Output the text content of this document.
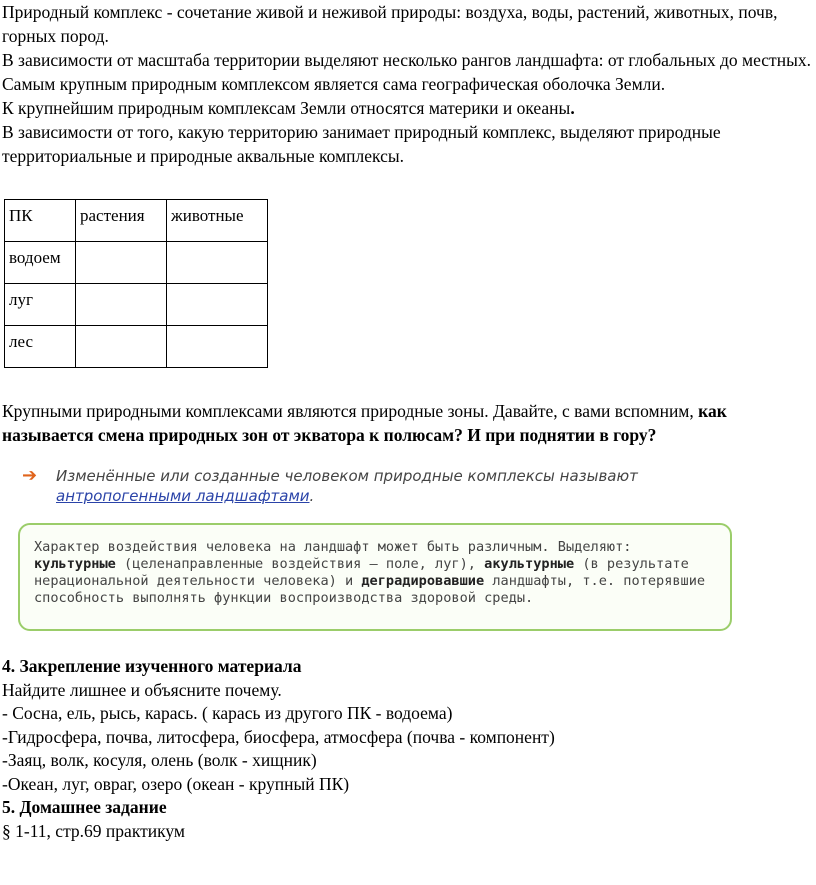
Природный комплекс - сочетание живой и неживой природы: воздуха, воды, растений, животных, почв, горных пород.

В зависимости от масштаба территории выделяют несколько рангов ландшафта: от глобальных до местных. Самым крупным природным комплексом является сама географическая оболочка Земли.

К крупнейшим природным комплексам Земли относятся материки и океаны.

В зависимости от того, какую территорию занимает природный комплекс, выделяют природные территориальные и природные аквальные комплексы.

ПК	растения	животные
водоем		
луг		
лес		

Крупными природными комплексами являются природные зоны. Давайте, с вами вспомним, как называется смена природных зон от экватора к полюсам? И при поднятии в гору?

➔ Изменённые или созданные человеком природные комплексы называют антропогенными ландшафтами.
Характер воздействия человека на ландшафт может быть различным. Выделяют: культурные (целенаправленные воздействия – поле, луг), акультурные (в результате нерациональной деятельности человека) и деградировавшие ландшафты, т.е. потерявшие способность выполнять функции воспроизводства здоровой среды.

4. Закрепление изученного материала

Найдите лишнее и объясните почему.

- Сосна, ель, рысь, карась. ( карась из другого ПК - водоема)

-Гидросфера, почва, литосфера, биосфера, атмосфера (почва - компонент)

-Заяц, волк, косуля, олень (волк - хищник)

-Океан, луг, овраг, озеро (океан - крупный ПК)

5. Домашнее задание

§ 1-11, стр.69 практикум
